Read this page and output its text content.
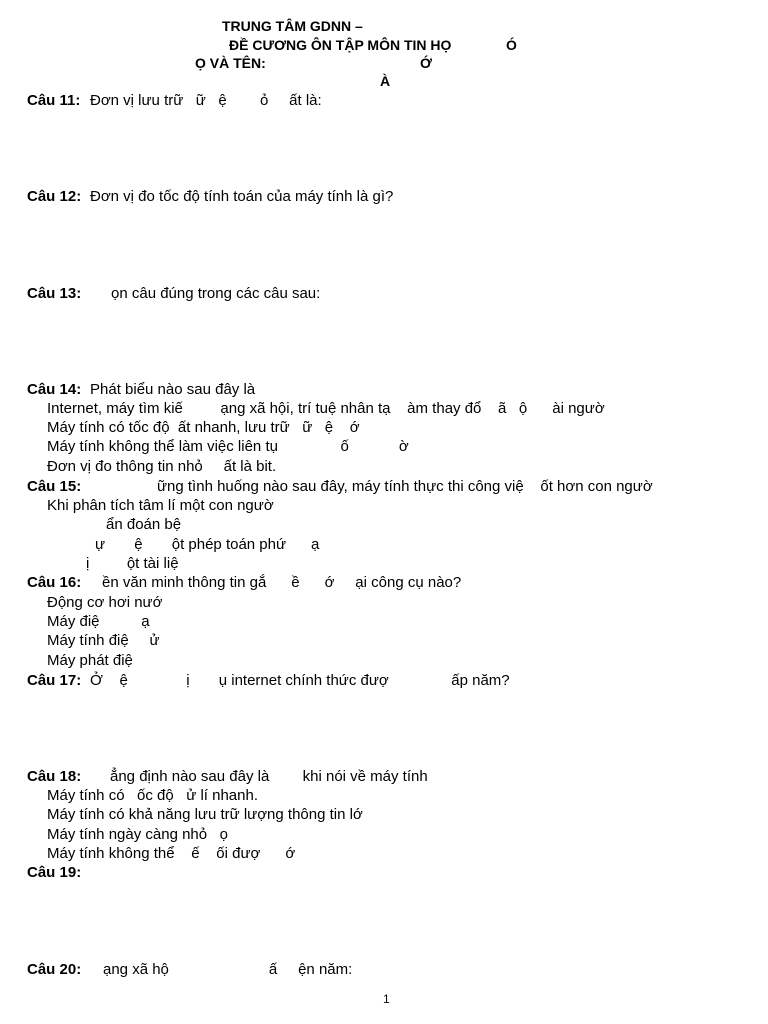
TRUNG TÂM GDNN –
ĐỀ CƯƠNG ÔN TẬP MÔN TIN HỌ	Ó
Ọ VÀ TÊN:	Ớ
À
Câu 11: Đơn vị lưu trữ   ữ   ệ        ỏ     ất là:
Câu 12: Đơn vị đo tốc độ tính toán của máy tính là gì?
Câu 13: ọn câu đúng trong các câu sau:
Câu 14: Phát biểu nào sau đây là
Internet, máy tìm kiế         ạng xã hội, trí tuệ nhân tạ    àm thay đổ    ã   ộ      ài ngườ
Máy tính có tốc độ  ất nhanh, lưu trữ   ữ   ệ    ớ
Máy tính không thể làm việc liên tụ               ố            ờ
Đơn vị đo thông tin nhỏ     ất là bit.
Câu 15:	ững tình huống nào sau đây, máy tính thực thi công việ    ốt hơn con ngườ
Khi phân tích tâm lí một con ngườ
ẩn đoán bệ
ự       ệ       ột phép toán phứ      ạ
ị         ột tài liệ
Câu 16: ền văn minh thông tin gắ      ề      ớ     ại công cụ nào?
Động cơ hơi nướ
Máy điệ          ạ
Máy tính điệ     ử
Máy phát điệ
Câu 17: Ở    ệ              ị       ụ internet chính thức đượ               ấp năm?
Câu 18: ẳng định nào sau đây là        khi nói về máy tính
Máy tính có   ốc độ   ử lí nhanh.
Máy tính có khả năng lưu trữ lượng thông tin lớ
Máy tính ngày càng nhỏ   ọ
Máy tính không thể    ế    ối đượ      ớ
Câu 19:
Câu 20: ạng xã hộ                        ấ     ện năm:
1
